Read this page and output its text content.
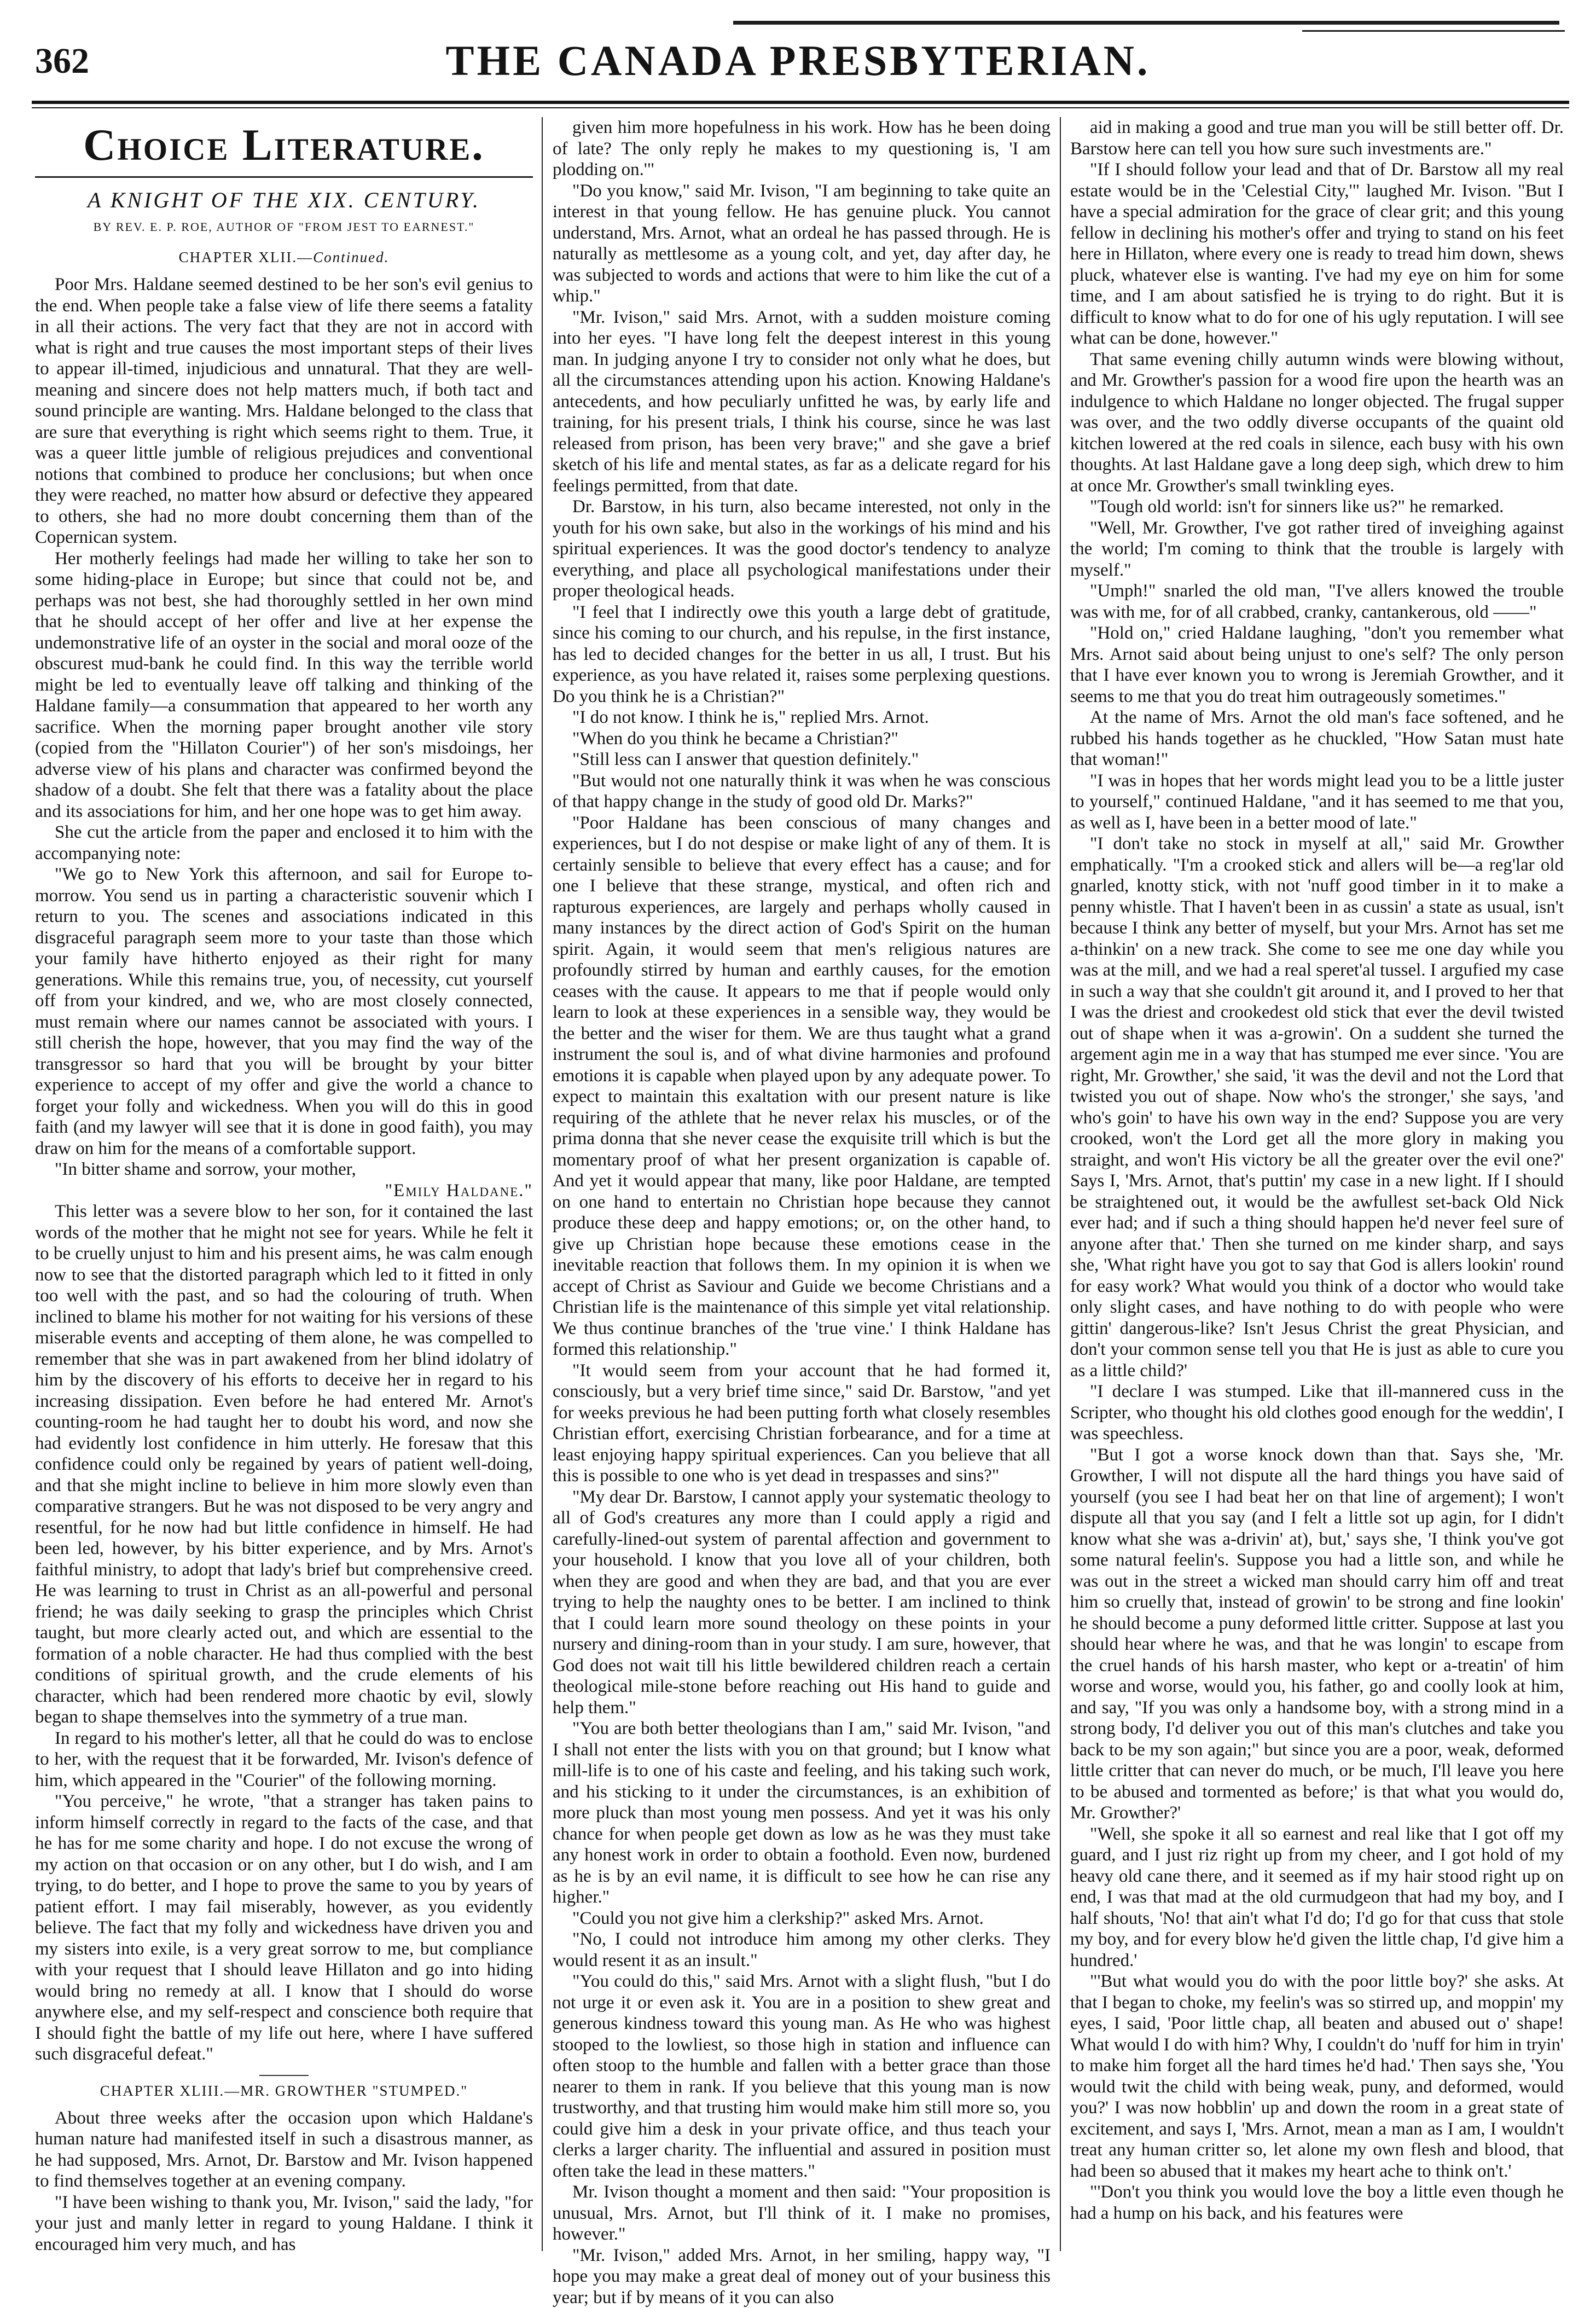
362	THE CANADA PRESBYTERIAN.
Choice Literature.
A KNIGHT OF THE XIX. CENTURY.
BY REV. E. P. ROE, AUTHOR OF "FROM JEST TO EARNEST."
CHAPTER XLII.—Continued.

Poor Mrs. Haldane seemed destined to be her son's evil genius to the end. When people take a false view of life there seems a fatality in all their actions. The very fact that they are not in accord with what is right and true causes the most important steps of their lives to appear ill-timed, injudicious and unnatural. That they are well-meaning and sincere does not help matters much, if both tact and sound principle are wanting. Mrs. Haldane belonged to the class that are sure that everything is right which seems right to them. True, it was a queer little jumble of religious prejudices and conventional notions that combined to produce her conclusions; but when once they were reached, no matter how absurd or defective they appeared to others, she had no more doubt concerning them than of the Copernican system.

Her motherly feelings had made her willing to take her son to some hiding-place in Europe; but since that could not be, and perhaps was not best, she had thoroughly settled in her own mind that he should accept of her offer and live at her expense the undemonstrative life of an oyster in the social and moral ooze of the obscurest mud-bank he could find. In this way the terrible world might be led to eventually leave off talking and thinking of the Haldane family—a consummation that appeared to her worth any sacrifice. When the morning paper brought another vile story (copied from the "Hillaton Courier") of her son's misdoings, her adverse view of his plans and character was confirmed beyond the shadow of a doubt. She felt that there was a fatality about the place and its associations for him, and her one hope was to get him away.

She cut the article from the paper and enclosed it to him with the accompanying note:

"We go to New York this afternoon, and sail for Europe to-morrow. You send us in parting a characteristic souvenir which I return to you. The scenes and associations indicated in this disgraceful paragraph seem more to your taste than those which your family have hitherto enjoyed as their right for many generations. While this remains true, you, of necessity, cut yourself off from your kindred, and we, who are most closely connected, must remain where our names cannot be associated with yours. I still cherish the hope, however, that you may find the way of the transgressor so hard that you will be brought by your bitter experience to accept of my offer and give the world a chance to forget your folly and wickedness. When you will do this in good faith (and my lawyer will see that it is done in good faith), you may draw on him for the means of a comfortable support.

"In bitter shame and sorrow, your mother,

"Emily Haldane."

This letter was a severe blow to her son, for it contained the last words of the mother that he might not see for years. While he felt it to be cruelly unjust to him and his present aims, he was calm enough now to see that the distorted paragraph which led to it fitted in only too well with the past, and so had the colouring of truth. When inclined to blame his mother for not waiting for his versions of these miserable events and accepting of them alone, he was compelled to remember that she was in part awakened from her blind idolatry of him by the discovery of his efforts to deceive her in regard to his increasing dissipation. Even before he had entered Mr. Arnot's counting-room he had taught her to doubt his word, and now she had evidently lost confidence in him utterly. He foresaw that this confidence could only be regained by years of patient well-doing, and that she might incline to believe in him more slowly even than comparative strangers. But he was not disposed to be very angry and resentful, for he now had but little confidence in himself. He had been led, however, by his bitter experience, and by Mrs. Arnot's faithful ministry, to adopt that lady's brief but comprehensive creed. He was learning to trust in Christ as an all-powerful and personal friend; he was daily seeking to grasp the principles which Christ taught, but more clearly acted out, and which are essential to the formation of a noble character. He had thus complied with the best conditions of spiritual growth, and the crude elements of his character, which had been rendered more chaotic by evil, slowly began to shape themselves into the symmetry of a true man.

In regard to his mother's letter, all that he could do was to enclose to her, with the request that it be forwarded, Mr. Ivison's defence of him, which appeared in the "Courier" of the following morning.

"You perceive," he wrote, "that a stranger has taken pains to inform himself correctly in regard to the facts of the case, and that he has for me some charity and hope. I do not excuse the wrong of my action on that occasion or on any other, but I do wish, and I am trying, to do better, and I hope to prove the same to you by years of patient effort. I may fail miserably, however, as you evidently believe. The fact that my folly and wickedness have driven you and my sisters into exile, is a very great sorrow to me, but compliance with your request that I should leave Hillaton and go into hiding would bring no remedy at all. I know that I should do worse anywhere else, and my self-respect and conscience both require that I should fight the battle of my life out here, where I have suffered such disgraceful defeat."

CHAPTER XLIII.—MR. GROWTHER "STUMPED."

About three weeks after the occasion upon which Haldane's human nature had manifested itself in such a disastrous manner, as he had supposed, Mrs. Arnot, Dr. Barstow and Mr. Ivison happened to find themselves together at an evening company.

"I have been wishing to thank you, Mr. Ivison," said the lady, "for your just and manly letter in regard to young Haldane. I think it encouraged him very much, and has

given him more hopefulness in his work. How has he been doing of late? The only reply he makes to my questioning is, 'I am plodding on.'"

"Do you know," said Mr. Ivison, "I am beginning to take quite an interest in that young fellow. He has genuine pluck. You cannot understand, Mrs. Arnot, what an ordeal he has passed through. He is naturally as mettlesome as a young colt, and yet, day after day, he was subjected to words and actions that were to him like the cut of a whip."

"Mr. Ivison," said Mrs. Arnot, with a sudden moisture coming into her eyes. "I have long felt the deepest interest in this young man. In judging anyone I try to consider not only what he does, but all the circumstances attending upon his action. Knowing Haldane's antecedents, and how peculiarly unfitted he was, by early life and training, for his present trials, I think his course, since he was last released from prison, has been very brave;" and she gave a brief sketch of his life and mental states, as far as a delicate regard for his feelings permitted, from that date.

Dr. Barstow, in his turn, also became interested, not only in the youth for his own sake, but also in the workings of his mind and his spiritual experiences. It was the good doctor's tendency to analyze everything, and place all psychological manifestations under their proper theological heads.

"I feel that I indirectly owe this youth a large debt of gratitude, since his coming to our church, and his repulse, in the first instance, has led to decided changes for the better in us all, I trust. But his experience, as you have related it, raises some perplexing questions. Do you think he is a Christian?"

"I do not know. I think he is," replied Mrs. Arnot.

"When do you think he became a Christian?"

"Still less can I answer that question definitely."

"But would not one naturally think it was when he was conscious of that happy change in the study of good old Dr. Marks?"

"Poor Haldane has been conscious of many changes and experiences, but I do not despise or make light of any of them. It is certainly sensible to believe that every effect has a cause; and for one I believe that these strange, mystical, and often rich and rapturous experiences, are largely and perhaps wholly caused in many instances by the direct action of God's Spirit on the human spirit. Again, it would seem that men's religious natures are profoundly stirred by human and earthly causes, for the emotion ceases with the cause. It appears to me that if people would only learn to look at these experiences in a sensible way, they would be the better and the wiser for them. We are thus taught what a grand instrument the soul is, and of what divine harmonies and profound emotions it is capable when played upon by any adequate power. To expect to maintain this exaltation with our present nature is like requiring of the athlete that he never relax his muscles, or of the prima donna that she never cease the exquisite trill which is but the momentary proof of what her present organization is capable of. And yet it would appear that many, like poor Haldane, are tempted on one hand to entertain no Christian hope because they cannot produce these deep and happy emotions; or, on the other hand, to give up Christian hope because these emotions cease in the inevitable reaction that follows them. In my opinion it is when we accept of Christ as Saviour and Guide we become Christians and a Christian life is the maintenance of this simple yet vital relationship. We thus continue branches of the 'true vine.' I think Haldane has formed this relationship."

"It would seem from your account that he had formed it, consciously, but a very brief time since," said Dr. Barstow, "and yet for weeks previous he had been putting forth what closely resembles Christian effort, exercising Christian forbearance, and for a time at least enjoying happy spiritual experiences. Can you believe that all this is possible to one who is yet dead in trespasses and sins?"

"My dear Dr. Barstow, I cannot apply your systematic theology to all of God's creatures any more than I could apply a rigid and carefully-lined-out system of parental affection and government to your household. I know that you love all of your children, both when they are good and when they are bad, and that you are ever trying to help the naughty ones to be better. I am inclined to think that I could learn more sound theology on these points in your nursery and dining-room than in your study. I am sure, however, that God does not wait till his little bewildered children reach a certain theological mile-stone before reaching out His hand to guide and help them."

"You are both better theologians than I am," said Mr. Ivison, "and I shall not enter the lists with you on that ground; but I know what mill-life is to one of his caste and feeling, and his taking such work, and his sticking to it under the circumstances, is an exhibition of more pluck than most young men possess. And yet it was his only chance for when people get down as low as he was they must take any honest work in order to obtain a foothold. Even now, burdened as he is by an evil name, it is difficult to see how he can rise any higher."

"Could you not give him a clerkship?" asked Mrs. Arnot.

"No, I could not introduce him among my other clerks. They would resent it as an insult."

"You could do this," said Mrs. Arnot with a slight flush, "but I do not urge it or even ask it. You are in a position to shew great and generous kindness toward this young man. As He who was highest stooped to the lowliest, so those high in station and influence can often stoop to the humble and fallen with a better grace than those nearer to them in rank. If you believe that this young man is now trustworthy, and that trusting him would make him still more so, you could give him a desk in your private office, and thus teach your clerks a larger charity. The influential and assured in position must often take the lead in these matters."

Mr. Ivison thought a moment and then said: "Your proposition is unusual, Mrs. Arnot, but I'll think of it. I make no promises, however."

"Mr. Ivison," added Mrs. Arnot, in her smiling, happy way, "I hope you may make a great deal of money out of your business this year; but if by means of it you can also

aid in making a good and true man you will be still better off. Dr. Barstow here can tell you how sure such investments are."

"If I should follow your lead and that of Dr. Barstow all my real estate would be in the 'Celestial City,'" laughed Mr. Ivison. "But I have a special admiration for the grace of clear grit; and this young fellow in declining his mother's offer and trying to stand on his feet here in Hillaton, where every one is ready to tread him down, shews pluck, whatever else is wanting. I've had my eye on him for some time, and I am about satisfied he is trying to do right. But it is difficult to know what to do for one of his ugly reputation. I will see what can be done, however."

That same evening chilly autumn winds were blowing without, and Mr. Growther's passion for a wood fire upon the hearth was an indulgence to which Haldane no longer objected. The frugal supper was over, and the two oddly diverse occupants of the quaint old kitchen lowered at the red coals in silence, each busy with his own thoughts. At last Haldane gave a long deep sigh, which drew to him at once Mr. Growther's small twinkling eyes.

"Tough old world: isn't for sinners like us?" he remarked.

"Well, Mr. Growther, I've got rather tired of inveighing against the world; I'm coming to think that the trouble is largely with myself."

"Umph!" snarled the old man, "I've allers knowed the trouble was with me, for of all crabbed, cranky, cantankerous, old ——"

"Hold on," cried Haldane laughing, "don't you remember what Mrs. Arnot said about being unjust to one's self? The only person that I have ever known you to wrong is Jeremiah Growther, and it seems to me that you do treat him outrageously sometimes."

At the name of Mrs. Arnot the old man's face softened, and he rubbed his hands together as he chuckled, "How Satan must hate that woman!"

"I was in hopes that her words might lead you to be a little juster to yourself," continued Haldane, "and it has seemed to me that you, as well as I, have been in a better mood of late."

"I don't take no stock in myself at all," said Mr. Growther emphatically. "I'm a crooked stick and allers will be—a reg'lar old gnarled, knotty stick, with not 'nuff good timber in it to make a penny whistle. That I haven't been in as cussin' a state as usual, isn't because I think any better of myself, but your Mrs. Arnot has set me a-thinkin' on a new track. She come to see me one day while you was at the mill, and we had a real speret'al tussel. I argufied my case in such a way that she couldn't git around it, and I proved to her that I was the driest and crookedest old stick that ever the devil twisted out of shape when it was a-growin'. On a suddent she turned the argement agin me in a way that has stumped me ever since. 'You are right, Mr. Growther,' she said, 'it was the devil and not the Lord that twisted you out of shape. Now who's the stronger,' she says, 'and who's goin' to have his own way in the end? Suppose you are very crooked, won't the Lord get all the more glory in making you straight, and won't His victory be all the greater over the evil one?' Says I, 'Mrs. Arnot, that's puttin' my case in a new light. If I should be straightened out, it would be the awfullest set-back Old Nick ever had; and if such a thing should happen he'd never feel sure of anyone after that.' Then she turned on me kinder sharp, and says she, 'What right have you got to say that God is allers lookin' round for easy work? What would you think of a doctor who would take only slight cases, and have nothing to do with people who were gittin' dangerous-like? Isn't Jesus Christ the great Physician, and don't your common sense tell you that He is just as able to cure you as a little child?'

"I declare I was stumped. Like that ill-mannered cuss in the Scripter, who thought his old clothes good enough for the weddin', I was speechless.

"But I got a worse knock down than that. Says she, 'Mr. Growther, I will not dispute all the hard things you have said of yourself (you see I had beat her on that line of argement); I won't dispute all that you say (and I felt a little sot up agin, for I didn't know what she was a-drivin' at), but,' says she, 'I think you've got some natural feelin's. Suppose you had a little son, and while he was out in the street a wicked man should carry him off and treat him so cruelly that, instead of growin' to be strong and fine lookin' he should become a puny deformed little critter. Suppose at last you should hear where he was, and that he was longin' to escape from the cruel hands of his harsh master, who kept or a-treatin' of him worse and worse, would you, his father, go and coolly look at him, and say, "If you was only a handsome boy, with a strong mind in a strong body, I'd deliver you out of this man's clutches and take you back to be my son again;" but since you are a poor, weak, deformed little critter that can never do much, or be much, I'll leave you here to be abused and tormented as before;' is that what you would do, Mr. Growther?'

"Well, she spoke it all so earnest and real like that I got off my guard, and I just riz right up from my cheer, and I got hold of my heavy old cane there, and it seemed as if my hair stood right up on end, I was that mad at the old curmudgeon that had my boy, and I half shouts, 'No! that ain't what I'd do; I'd go for that cuss that stole my boy, and for every blow he'd given the little chap, I'd give him a hundred.'

"'But what would you do with the poor little boy?' she asks. At that I began to choke, my feelin's was so stirred up, and moppin' my eyes, I said, 'Poor little chap, all beaten and abused out o' shape! What would I do with him? Why, I couldn't do 'nuff for him in tryin' to make him forget all the hard times he'd had.' Then says she, 'You would twit the child with being weak, puny, and deformed, would you?' I was now hobblin' up and down the room in a great state of excitement, and says I, 'Mrs. Arnot, mean a man as I am, I wouldn't treat any human critter so, let alone my own flesh and blood, that had been so abused that it makes my heart ache to think on't.'

"'Don't you think you would love the boy a little even though he had a hump on his back, and his features were
